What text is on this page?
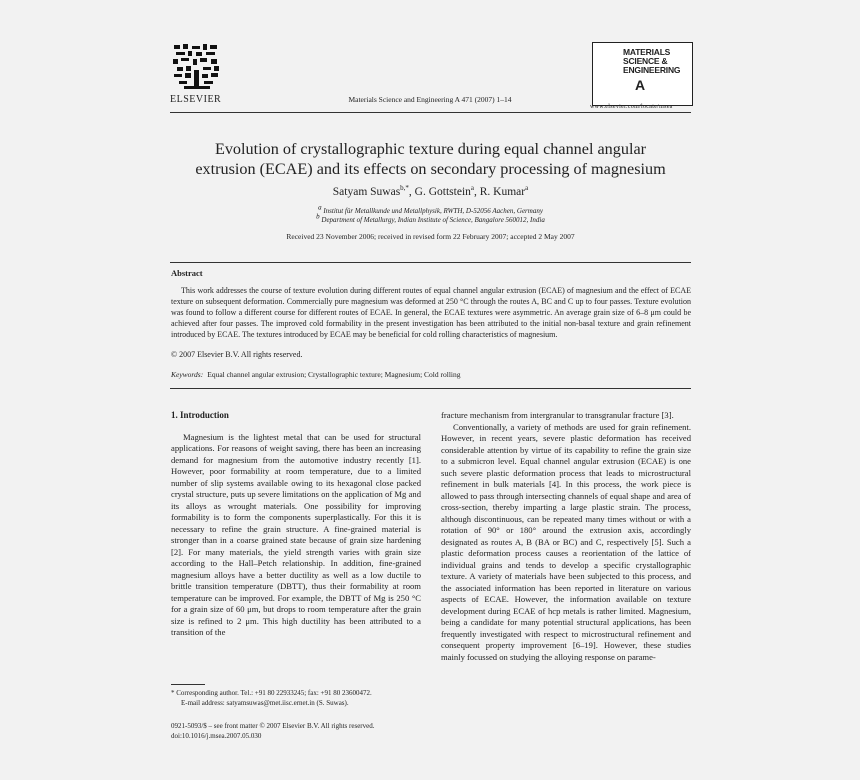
ELSEVIER	Materials Science and Engineering A 471 (2007) 1–14
MATERIALS
SCIENCE &
ENGINEERING
A
www.elsevier.com/locate/msea
Evolution of crystallographic texture during equal channel angular
extrusion (ECAE) and its effects on secondary processing of magnesium
Satyam Suwas$^{b,*}$, G. Gottstein$^a$, R. Kumar$^a$
$^a$ Institut für Metallkunde und Metallphysik, RWTH, D-52056 Aachen, Germany
$^b$ Department of Metallurgy, Indian Institute of Science, Bangalore 560012, India
Received 23 November 2006; received in revised form 22 February 2007; accepted 2 May 2007
Abstract

This work addresses the course of texture evolution during different routes of equal channel angular extrusion (ECAE) of magnesium and the effect of ECAE texture on subsequent deformation. Commercially pure magnesium was deformed at 250 °C through the routes A, BC and C up to four passes. Texture evolution was found to follow a different course for different routes of ECAE. In general, the ECAE textures were asymmetric. An average grain size of 6–8 μm could be achieved after four passes. The improved cold formability in the present investigation has been attributed to the initial non-basal texture and grain refinement introduced by ECAE. The textures introduced by ECAE may be beneficial for cold rolling characteristics of magnesium.

© 2007 Elsevier B.V. All rights reserved.
Keywords: Equal channel angular extrusion; Crystallographic texture; Magnesium; Cold rolling

1. Introduction

Magnesium is the lightest metal that can be used for structural applications. For reasons of weight saving, there has been an increasing demand for magnesium from the automotive industry recently [1]. However, poor formability at room temperature, due to a limited number of slip systems available owing to its hexagonal close packed crystal structure, puts up severe limitations on the application of Mg and its alloys as wrought materials. One possibility for improving formability is to form the components superplastically. For this it is necessary to refine the grain structure. A fine-grained material is stronger than in a coarse grained state because of grain size hardening [2]. For many materials, the yield strength varies with grain size according to the Hall–Petch relationship. In addition, fine-grained magnesium alloys have a better ductility as well as a low ductile to brittle transition temperature (DBTT), thus their formability at room temperature can be improved. For example, the DBTT of Mg is 250 °C for a grain size of 60 μm, but drops to room temperature after the grain size is refined to 2 μm. This high ductility has been attributed to a transition of the

fracture mechanism from intergranular to transgranular fracture [3].

Conventionally, a variety of methods are used for grain refinement. However, in recent years, severe plastic deformation has received considerable attention by virtue of its capability to refine the grain size to a submicron level. Equal channel angular extrusion (ECAE) is one such severe plastic deformation process that leads to microstructural refinement in bulk materials [4]. In this process, the work piece is allowed to pass through intersecting channels of equal shape and area of cross-section, thereby imparting a large plastic strain. The process, although discontinuous, can be repeated many times without or with a rotation of 90° or 180° around the extrusion axis, accordingly designated as routes A, B (BA or BC) and C, respectively [5]. Such a plastic deformation process causes a reorientation of the lattice of individual grains and tends to develop a specific crystallographic texture. A variety of materials have been subjected to this process, and the associated information has been reported in literature on various aspects of ECAE. However, the information available on texture development during ECAE of hcp metals is rather limited. Magnesium, being a candidate for many potential structural applications, has been frequently investigated with respect to microstructural refinement and consequent property improvement [6–19]. However, these studies mainly focussed on studying the alloying response on parame-

* Corresponding author. Tel.: +91 80 22933245; fax: +91 80 23600472.
E-mail address: satyamsuwas@met.iisc.ernet.in (S. Suwas).
0921-5093/$ – see front matter © 2007 Elsevier B.V. All rights reserved.
doi:10.1016/j.msea.2007.05.030
